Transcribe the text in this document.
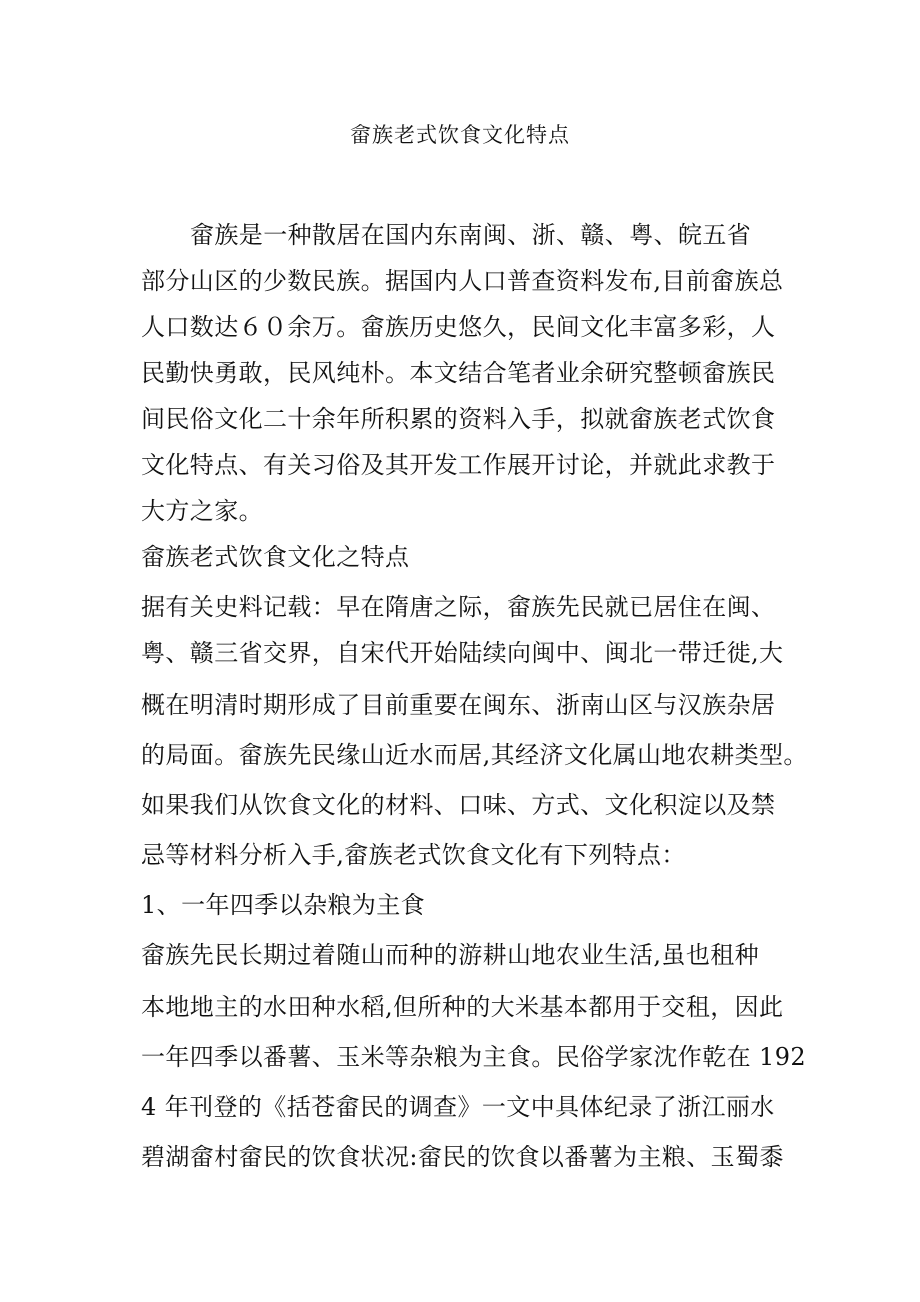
畲族老式饮食文化特点
畲族是一种散居在国内东南闽、浙、赣、粤、皖五省
部分山区的少数民族。据国内人口普查资料发布,目前畲族总
人口数达６０余万。畲族历史悠久，民间文化丰富多彩，人
民勤快勇敢，民风纯朴。本文结合笔者业余研究整顿畲族民
间民俗文化二十余年所积累的资料入手，拟就畲族老式饮食
文化特点、有关习俗及其开发工作展开讨论，并就此求教于
大方之家。
畲族老式饮食文化之特点
据有关史料记载：早在隋唐之际，畲族先民就已居住在闽、
粤、赣三省交界，自宋代开始陆续向闽中、闽北一带迁徙,大
概在明清时期形成了目前重要在闽东、浙南山区与汉族杂居
的局面。畲族先民缘山近水而居,其经济文化属山地农耕类型。
如果我们从饮食文化的材料、口味、方式、文化积淀以及禁
忌等材料分析入手,畲族老式饮食文化有下列特点：
1、一年四季以杂粮为主食
畲族先民长期过着随山而种的游耕山地农业生活,虽也租种
本地地主的水田种水稻,但所种的大米基本都用于交租，因此
一年四季以番薯、玉米等杂粮为主食。民俗学家沈作乾在 192
4 年刊登的《括苍畲民的调查》一文中具体纪录了浙江丽水
碧湖畲村畲民的饮食状况:畲民的饮食以番薯为主粮、玉蜀黍
